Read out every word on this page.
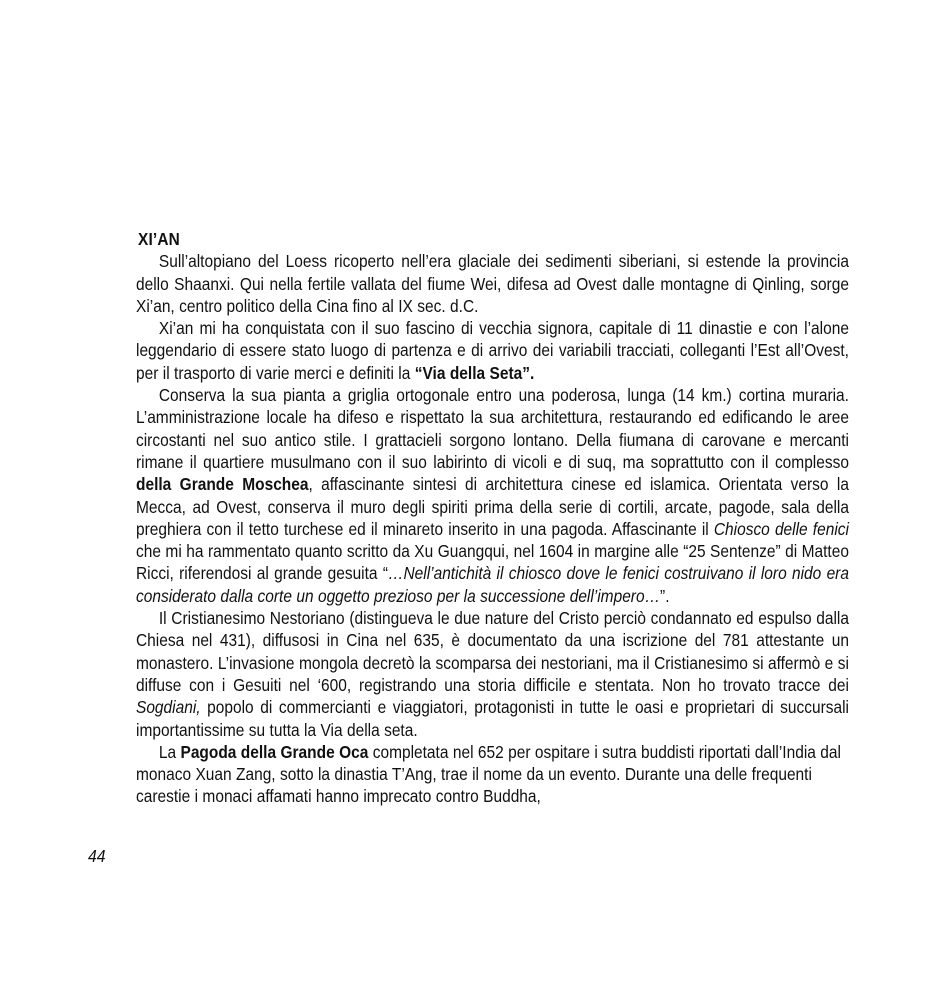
XI’AN
Sull’altopiano del Loess ricoperto nell’era glaciale dei sedimenti siberiani, si estende la provincia dello Shaanxi. Qui nella fertile vallata del fiume Wei, difesa ad Ovest dalle montagne di Qinling, sorge Xi’an, centro politico della Cina fino al IX sec. d.C.
Xi’an mi ha conquistata con il suo fascino di vecchia signora, capitale di 11 dinastie e con l’alone leggendario di essere stato luogo di partenza e di arrivo dei variabili tracciati, colleganti l’Est all’Ovest, per il trasporto di varie merci e definiti la “Via della Seta”.
Conserva la sua pianta a griglia ortogonale entro una poderosa, lunga (14 km.) cortina muraria. L’amministrazione locale ha difeso e rispettato la sua architettura, restaurando ed edificando le aree circostanti nel suo antico stile. I grattacieli sorgono lontano. Della fiumana di carovane e mercanti rimane il quartiere musulmano con il suo labirinto di vicoli e di suq, ma soprattutto con il complesso della Grande Moschea, affascinante sintesi di architettura cinese ed islamica. Orientata verso la Mecca, ad Ovest, conserva il muro degli spiriti prima della serie di cortili, arcate, pagode, sala della preghiera con il tetto turchese ed il minareto inserito in una pagoda. Affascinante il Chiosco delle fenici che mi ha rammentato quanto scritto da Xu Guangqui, nel 1604 in margine alle “25 Sentenze” di Matteo Ricci, riferendosi al grande gesuita “…Nell’antichità il chiosco dove le fenici costruivano il loro nido era considerato dalla corte un oggetto prezioso per la successione dell’impero…”.
Il Cristianesimo Nestoriano (distingueva le due nature del Cristo perciò condannato ed espulso dalla Chiesa nel 431), diffusosi in Cina nel 635, è documentato da una iscrizione del 781 attestante un monastero. L’invasione mongola decretò la scomparsa dei nestoriani, ma il Cristianesimo si affermò e si diffuse con i Gesuiti nel ‘600, registrando una storia difficile e stentata. Non ho trovato tracce dei Sogdiani, popolo di commercianti e viaggiatori, protagonisti in tutte le oasi e proprietari di succursali importantissime su tutta la Via della seta.
La Pagoda della Grande Oca completata nel 652 per ospitare i sutra buddisti riportati dall’India dal monaco Xuan Zang, sotto la dinastia T’Ang, trae il nome da un evento. Durante una delle frequenti carestie i monaci affamati hanno imprecato contro Buddha,
44
